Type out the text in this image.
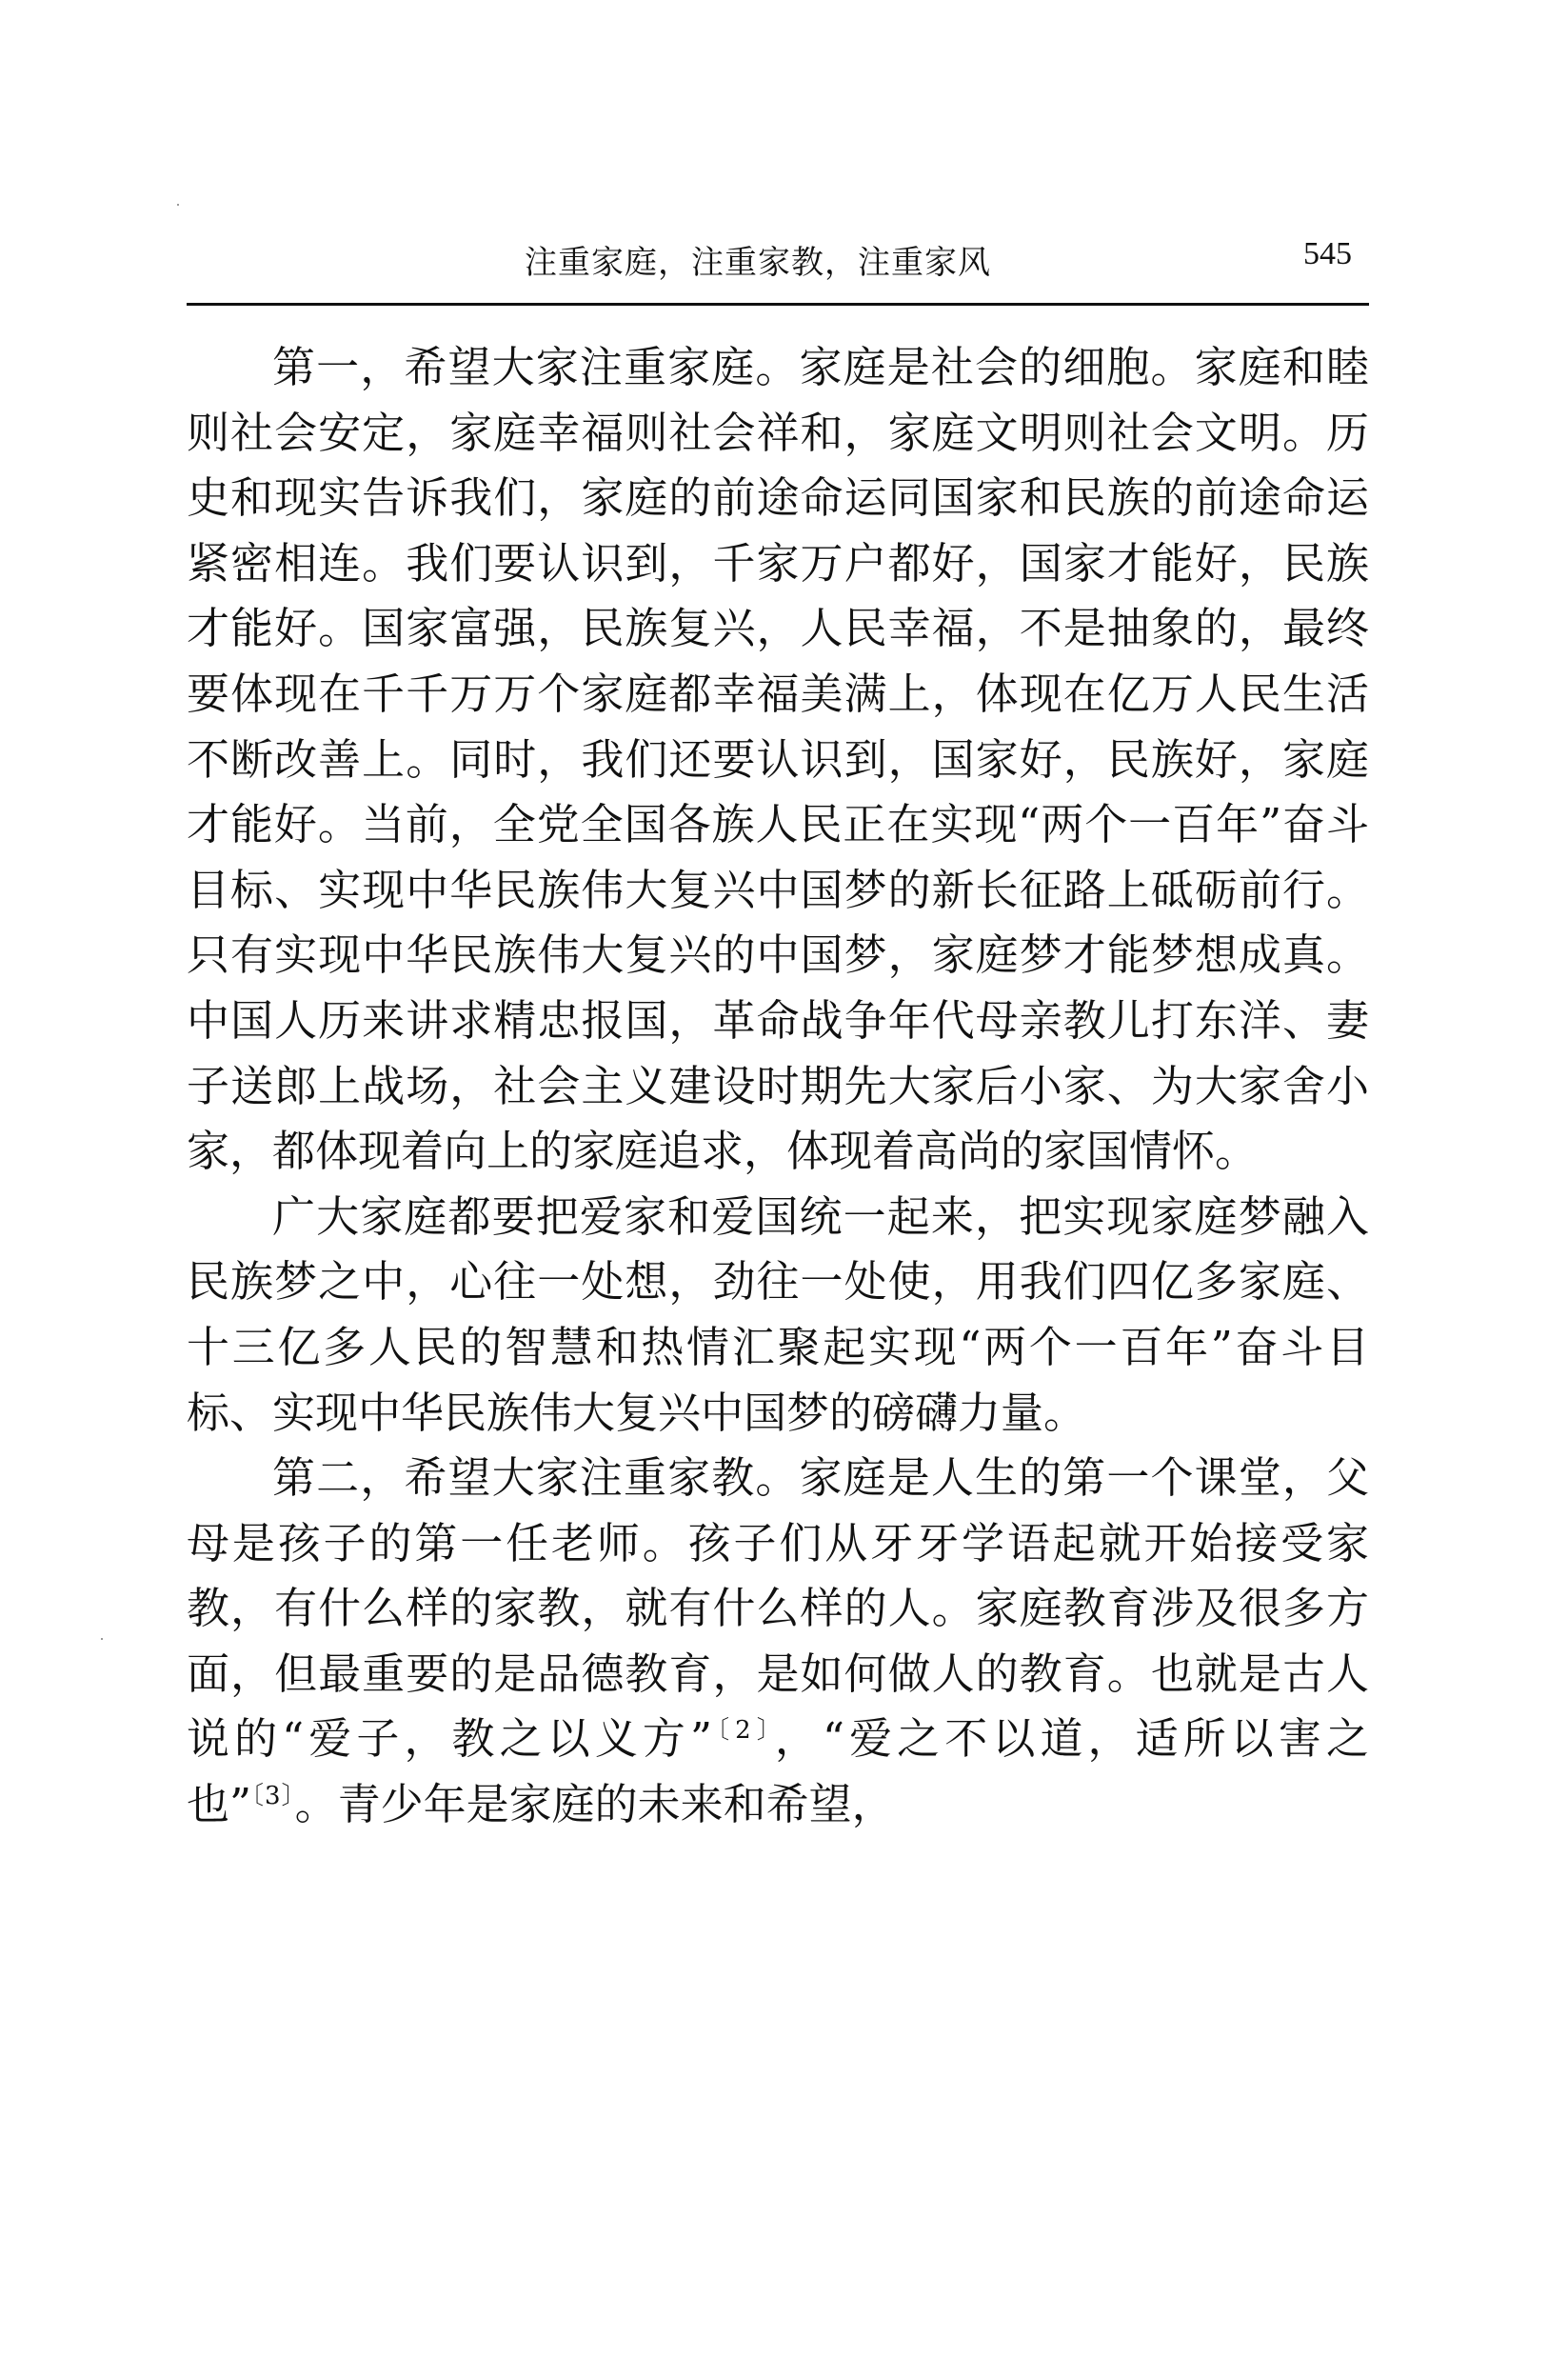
注重家庭，注重家教，注重家风	545

第一，希望大家注重家庭。家庭是社会的细胞。家庭和睦则社会安定，家庭幸福则社会祥和，家庭文明则社会文明。历史和现实告诉我们，家庭的前途命运同国家和民族的前途命运紧密相连。我们要认识到，千家万户都好，国家才能好，民族才能好。国家富强，民族复兴，人民幸福，不是抽象的，最终要体现在千千万万个家庭都幸福美满上，体现在亿万人民生活不断改善上。同时，我们还要认识到，国家好，民族好，家庭才能好。当前，全党全国各族人民正在实现“两个一百年”奋斗目标、实现中华民族伟大复兴中国梦的新长征路上砥砺前行。只有实现中华民族伟大复兴的中国梦，家庭梦才能梦想成真。中国人历来讲求精忠报国，革命战争年代母亲教儿打东洋、妻子送郎上战场，社会主义建设时期先大家后小家、为大家舍小家，都体现着向上的家庭追求，体现着高尚的家国情怀。

广大家庭都要把爱家和爱国统一起来，把实现家庭梦融入民族梦之中，心往一处想，劲往一处使，用我们四亿多家庭、十三亿多人民的智慧和热情汇聚起实现“两个一百年”奋斗目标、实现中华民族伟大复兴中国梦的磅礴力量。

第二，希望大家注重家教。家庭是人生的第一个课堂，父母是孩子的第一任老师。孩子们从牙牙学语起就开始接受家教，有什么样的家教，就有什么样的人。家庭教育涉及很多方面，但最重要的是品德教育，是如何做人的教育。也就是古人说的“爱子，教之以义方”$^{〔2〕}$，“爱之不以道，适所以害之也”$^{〔3〕}$。青少年是家庭的未来和希望，
